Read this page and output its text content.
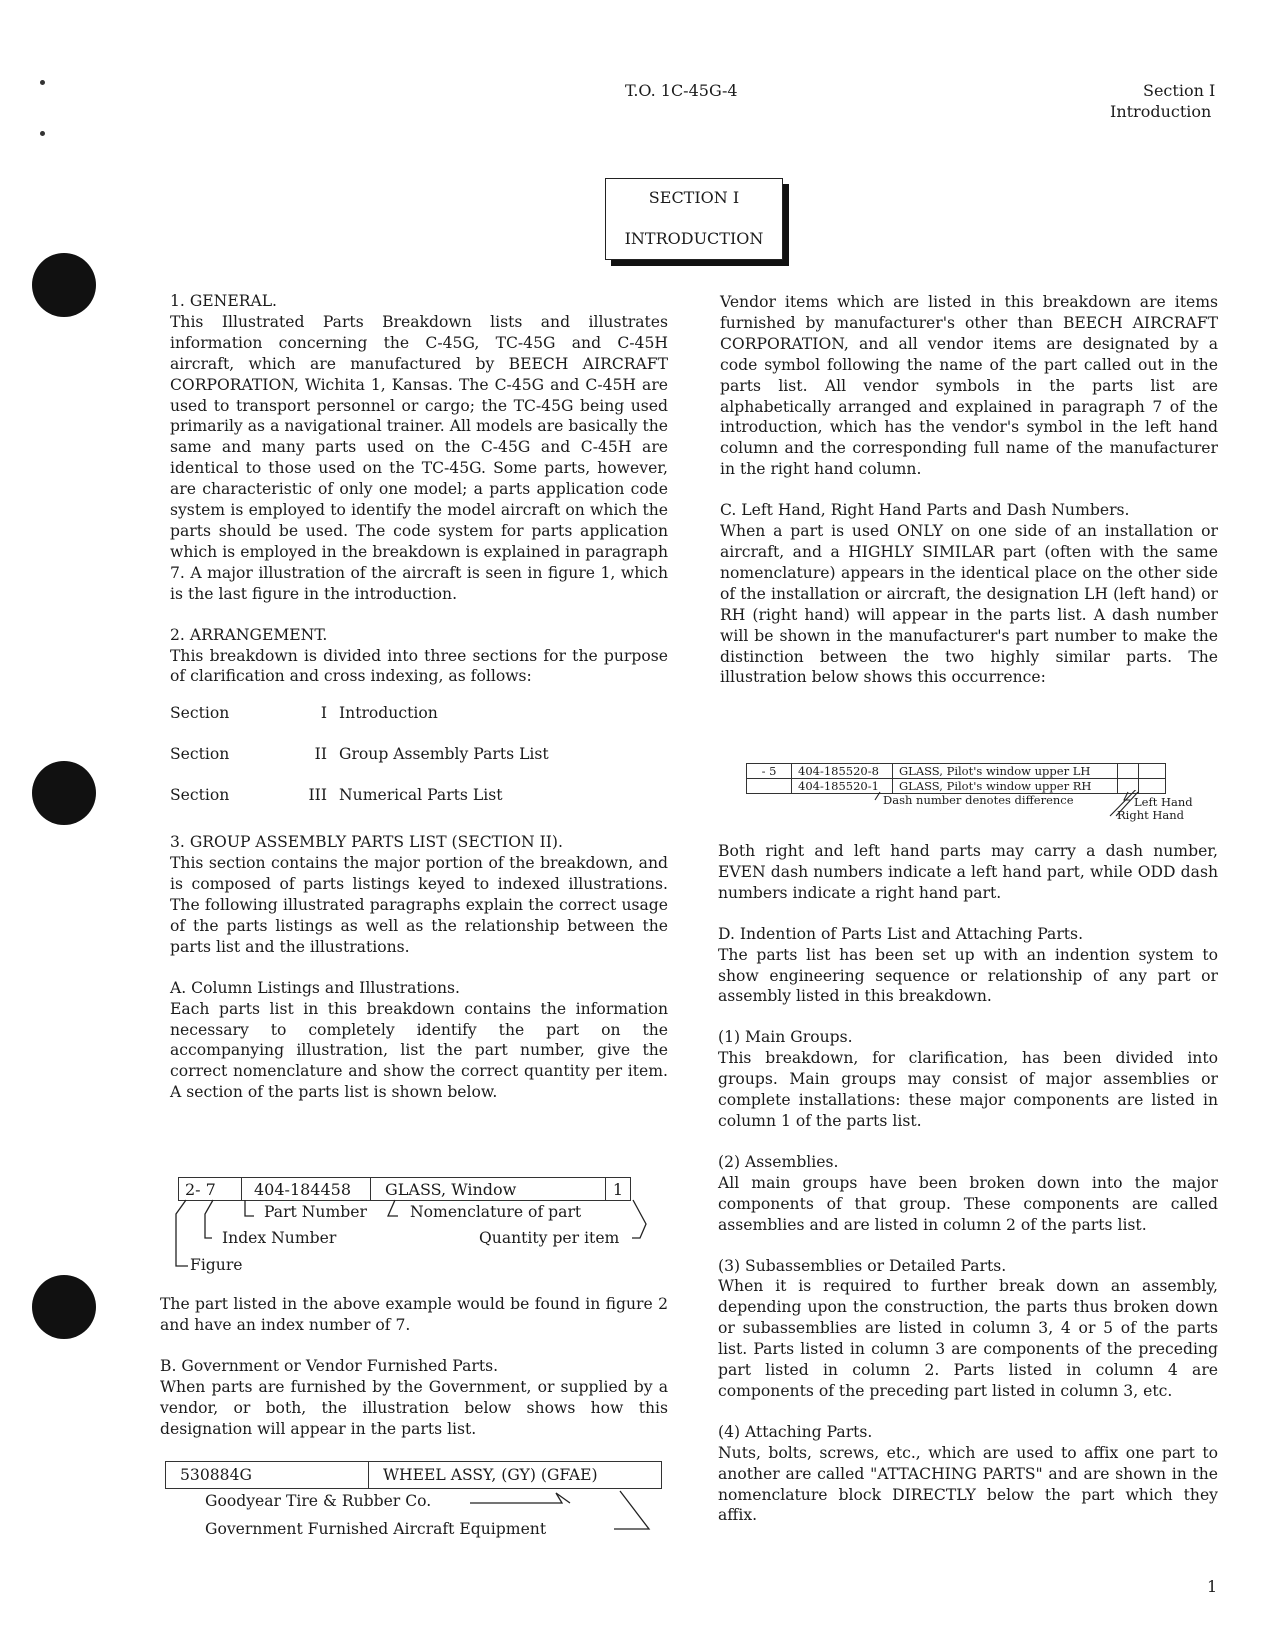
T.O. 1C-45G-4	Section I
Introduction
SECTION I
INTRODUCTION
1. GENERAL.

This Illustrated Parts Breakdown lists and illustrates information concerning the C-45G, TC-45G and C-45H aircraft, which are manufactured by BEECH AIRCRAFT CORPORATION, Wichita 1, Kansas. The C-45G and C-45H are used to transport personnel or cargo; the TC-45G being used primarily as a navigational trainer. All models are basically the same and many parts used on the C-45G and C-45H are identical to those used on the TC-45G. Some parts, however, are characteristic of only one model; a parts application code system is employed to identify the model aircraft on which the parts should be used. The code system for parts application which is employed in the breakdown is explained in paragraph 7. A major illustration of the aircraft is seen in figure 1, which is the last figure in the introduction.

2. ARRANGEMENT.

This breakdown is divided into three sections for the purpose of clarification and cross indexing, as follows:

Section	I Introduction
Section	II Group Assembly Parts List
Section	III Numerical Parts List
3. GROUP ASSEMBLY PARTS LIST (SECTION II).

This section contains the major portion of the breakdown, and is composed of parts listings keyed to indexed illustrations. The following illustrated paragraphs explain the correct usage of the parts listings as well as the relationship between the parts list and the illustrations.

A. Column Listings and Illustrations.

Each parts list in this breakdown contains the information necessary to completely identify the part on the accompanying illustration, list the part number, give the correct nomenclature and show the correct quantity per item. A section of the parts list is shown below.

2- 7	404-184458	GLASS, Window	1
Part Number	Nomenclature of part
Index Number	Quantity per item
Figure

The part listed in the above example would be found in figure 2 and have an index number of 7.

B. Government or Vendor Furnished Parts.

When parts are furnished by the Government, or supplied by a vendor, or both, the illustration below shows how this designation will appear in the parts list.

530884G	WHEEL ASSY, (GY) (GFAE)
Goodyear Tire & Rubber Co.
Government Furnished Aircraft Equipment

Vendor items which are listed in this breakdown are items furnished by manufacturer's other than BEECH AIRCRAFT CORPORATION, and all vendor items are designated by a code symbol following the name of the part called out in the parts list. All vendor symbols in the parts list are alphabetically arranged and explained in paragraph 7 of the introduction, which has the vendor's symbol in the left hand column and the corresponding full name of the manufacturer in the right hand column.

C. Left Hand, Right Hand Parts and Dash Numbers.

When a part is used ONLY on one side of an installation or aircraft, and a HIGHLY SIMILAR part (often with the same nomenclature) appears in the identical place on the other side of the installation or aircraft, the designation LH (left hand) or RH (right hand) will appear in the parts list. A dash number will be shown in the manufacturer's part number to make the distinction between the two highly similar parts. The illustration below shows this occurrence:

- 5	404-185520-8	GLASS, Pilot's window upper LH		
	404-185520-1	GLASS, Pilot's window upper RH		
Dash number denotes difference	Left Hand
Right Hand

Both right and left hand parts may carry a dash number, EVEN dash numbers indicate a left hand part, while ODD dash numbers indicate a right hand part.

D. Indention of Parts List and Attaching Parts.

The parts list has been set up with an indention system to show engineering sequence or relationship of any part or assembly listed in this breakdown.

(1) Main Groups.

This breakdown, for clarification, has been divided into groups. Main groups may consist of major assemblies or complete installations: these major components are listed in column 1 of the parts list.

(2) Assemblies.

All main groups have been broken down into the major components of that group. These components are called assemblies and are listed in column 2 of the parts list.

(3) Subassemblies or Detailed Parts.

When it is required to further break down an assembly, depending upon the construction, the parts thus broken down or subassemblies are listed in column 3, 4 or 5 of the parts list. Parts listed in column 3 are components of the preceding part listed in column 2. Parts listed in column 4 are components of the preceding part listed in column 3, etc.

(4) Attaching Parts.

Nuts, bolts, screws, etc., which are used to affix one part to another are called "ATTACHING PARTS" and are shown in the nomenclature block DIRECTLY below the part which they affix.

1
